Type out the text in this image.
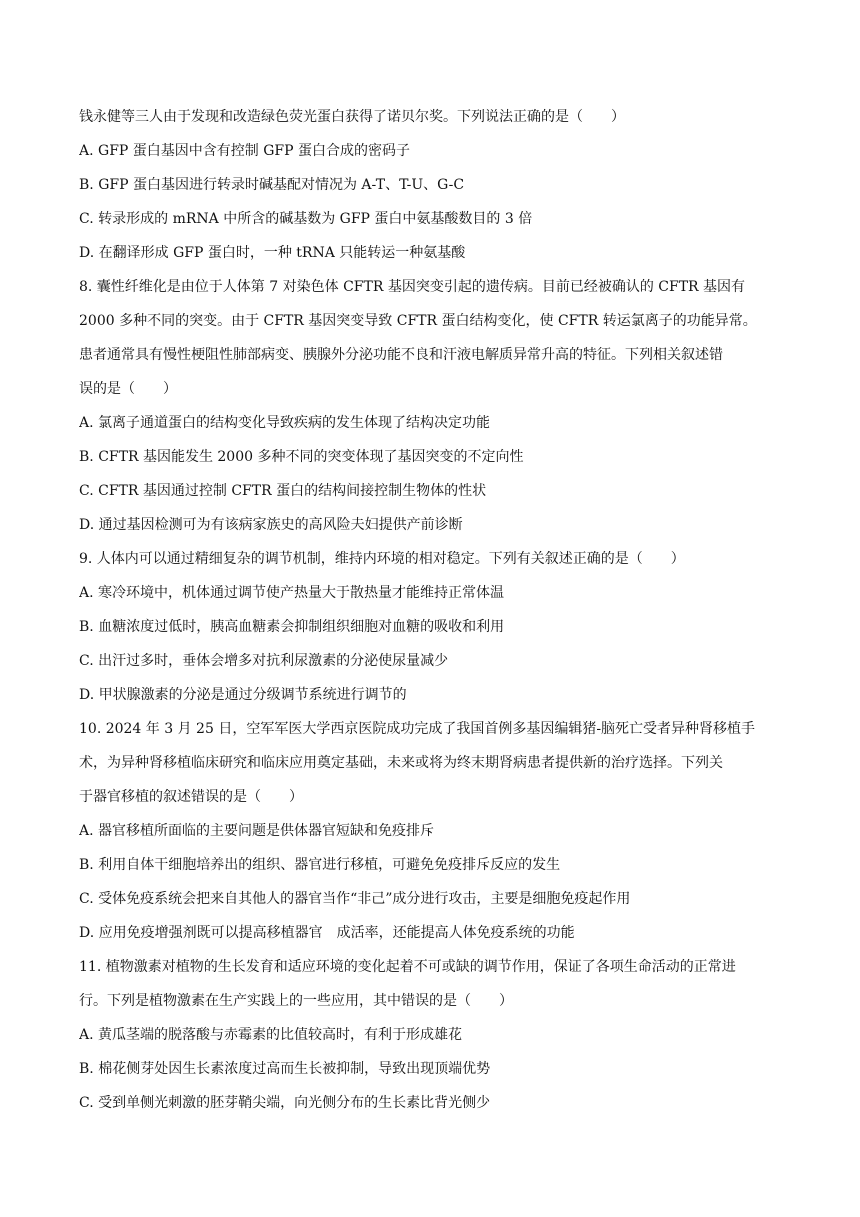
钱永健等三人由于发现和改造绿色荧光蛋白获得了诺贝尔奖。下列说法正确的是（　　）
A. GFP 蛋白基因中含有控制 GFP 蛋白合成的密码子
B. GFP 蛋白基因进行转录时碱基配对情况为 A-T、T-U、G-C
C. 转录形成的 mRNA 中所含的碱基数为 GFP 蛋白中氨基酸数目的 3 倍
D. 在翻译形成 GFP 蛋白时，一种 tRNA 只能转运一种氨基酸
8. 囊性纤维化是由位于人体第 7 对染色体 CFTR 基因突变引起的遗传病。目前已经被确认的 CFTR 基因有
2000 多种不同的突变。由于 CFTR 基因突变导致 CFTR 蛋白结构变化，使 CFTR 转运氯离子的功能异常。
患者通常具有慢性梗阻性肺部病变、胰腺外分泌功能不良和汗液电解质异常升高的特征。下列相关叙述错
误的是（　　）
A. 氯离子通道蛋白的结构变化导致疾病的发生体现了结构决定功能
B. CFTR 基因能发生 2000 多种不同的突变体现了基因突变的不定向性
C. CFTR 基因通过控制 CFTR 蛋白的结构间接控制生物体的性状
D. 通过基因检测可为有该病家族史的高风险夫妇提供产前诊断
9. 人体内可以通过精细复杂的调节机制，维持内环境的相对稳定。下列有关叙述正确的是（　　）
A. 寒冷环境中，机体通过调节使产热量大于散热量才能维持正常体温
B. 血糖浓度过低时，胰高血糖素会抑制组织细胞对血糖的吸收和利用
C. 出汗过多时，垂体会增多对抗利尿激素的分泌使尿量减少
D. 甲状腺激素的分泌是通过分级调节系统进行调节的
10. 2024 年 3 月 25 日，空军军医大学西京医院成功完成了我国首例多基因编辑猪-脑死亡受者异种肾移植手
术，为异种肾移植临床研究和临床应用奠定基础，未来或将为终末期肾病患者提供新的治疗选择。下列关
于器官移植的叙述错误的是（　　）
A. 器官移植所面临的主要问题是供体器官短缺和免疫排斥
B. 利用自体干细胞培养出的组织、器官进行移植，可避免免疫排斥反应的发生
C. 受体免疫系统会把来自其他人的器官当作“非己”成分进行攻击，主要是细胞免疫起作用
D. 应用免疫增强剂既可以提高移植器官　成活率，还能提高人体免疫系统的功能
11. 植物激素对植物的生长发育和适应环境的变化起着不可或缺的调节作用，保证了各项生命活动的正常进
行。下列是植物激素在生产实践上的一些应用，其中错误的是（　　）
A. 黄瓜茎端的脱落酸与赤霉素的比值较高时，有利于形成雄花
B. 棉花侧芽处因生长素浓度过高而生长被抑制，导致出现顶端优势
C. 受到单侧光刺激的胚芽鞘尖端，向光侧分布的生长素比背光侧少
